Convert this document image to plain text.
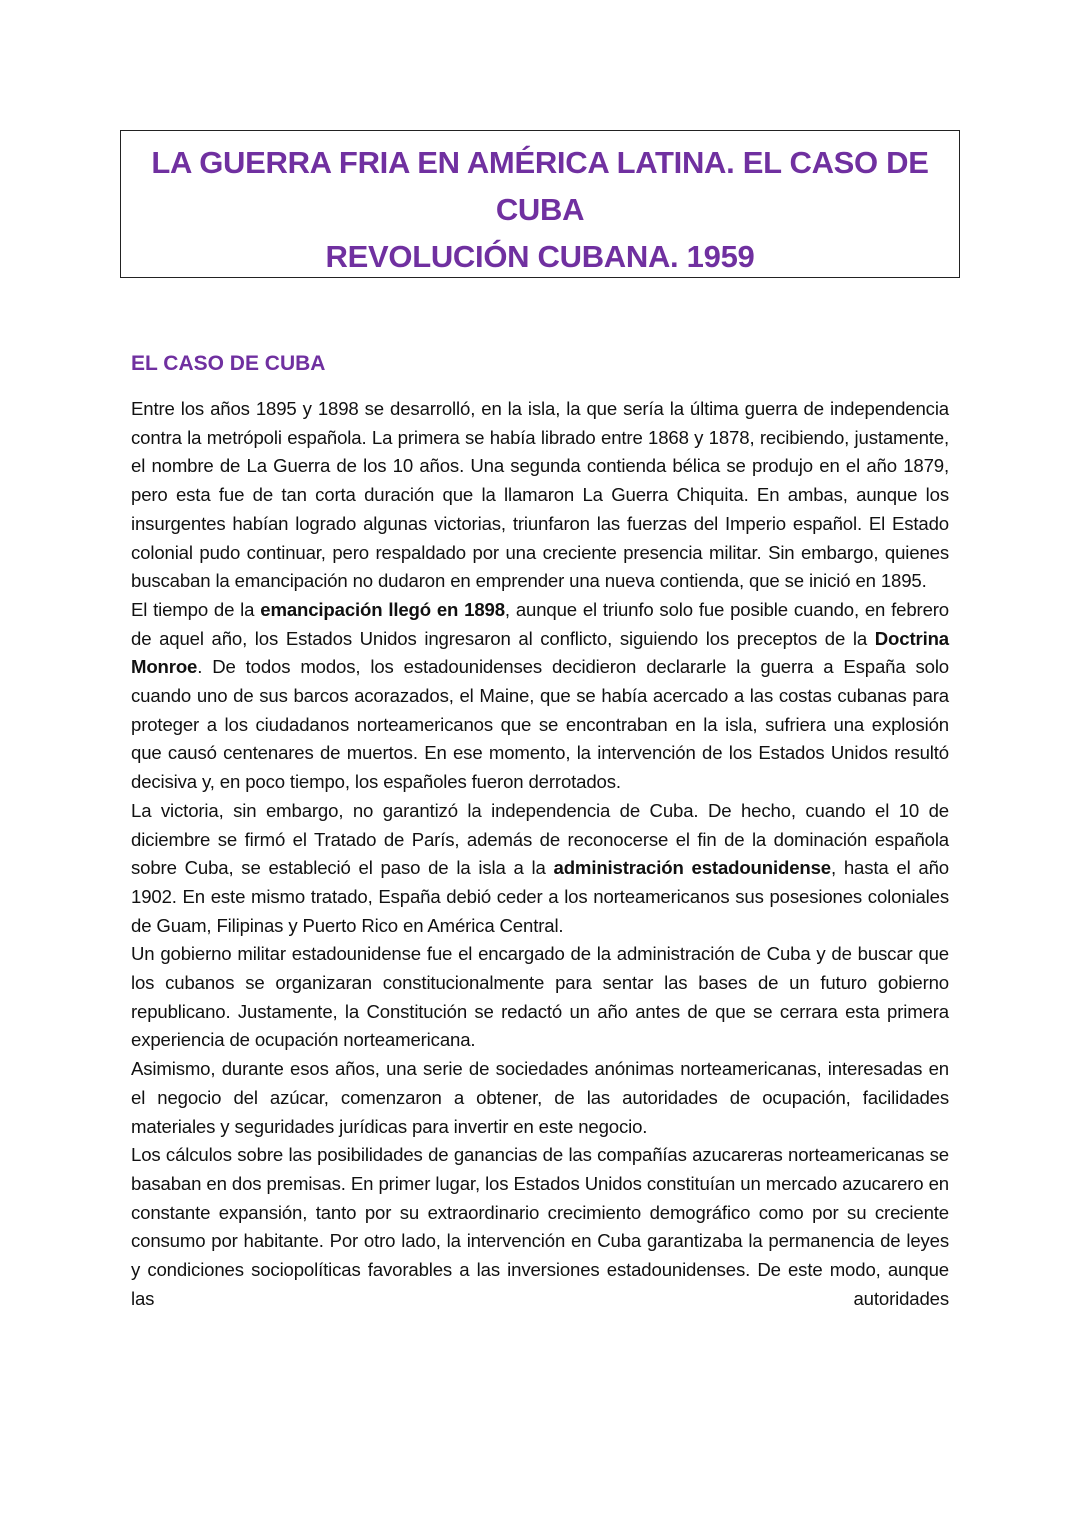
LA GUERRA FRIA EN AMÉRICA LATINA. EL CASO DE
CUBA
REVOLUCIÓN CUBANA. 1959
EL CASO DE CUBA

Entre los años 1895 y 1898 se desarrolló, en la isla, la que sería la última guerra de independencia contra la metrópoli española. La primera se había librado entre 1868 y 1878, recibiendo, justamente, el nombre de La Guerra de los 10 años. Una segunda contienda bélica se produjo en el año 1879, pero esta fue de tan corta duración que la llamaron La Guerra Chiquita. En ambas, aunque los insurgentes habían logrado algunas victorias, triunfaron las fuerzas del Imperio español. El Estado colonial pudo continuar, pero respaldado por una creciente presencia militar. Sin embargo, quienes buscaban la emancipación no dudaron en emprender una nueva contienda, que se inició en 1895.

El tiempo de la emancipación llegó en 1898, aunque el triunfo solo fue posible cuando, en febrero de aquel año, los Estados Unidos ingresaron al conflicto, siguiendo los preceptos de la Doctrina Monroe. De todos modos, los estadounidenses decidieron declararle la guerra a España solo cuando uno de sus barcos acorazados, el Maine, que se había acercado a las costas cubanas para proteger a los ciudadanos norteamericanos que se encontraban en la isla, sufriera una explosión que causó centenares de muertos. En ese momento, la intervención de los Estados Unidos resultó decisiva y, en poco tiempo, los españoles fueron derrotados.

La victoria, sin embargo, no garantizó la independencia de Cuba. De hecho, cuando el 10 de diciembre se firmó el Tratado de París, además de reconocerse el fin de la dominación española sobre Cuba, se estableció el paso de la isla a la administración estadounidense, hasta el año 1902. En este mismo tratado, España debió ceder a los norteamericanos sus posesiones coloniales de Guam, Filipinas y Puerto Rico en América Central.

Un gobierno militar estadounidense fue el encargado de la administración de Cuba y de buscar que los cubanos se organizaran constitucionalmente para sentar las bases de un futuro gobierno republicano. Justamente, la Constitución se redactó un año antes de que se cerrara esta primera experiencia de ocupación norteamericana.

Asimismo, durante esos años, una serie de sociedades anónimas norteamericanas, interesadas en el negocio del azúcar, comenzaron a obtener, de las autoridades de ocupación, facilidades materiales y seguridades jurídicas para invertir en este negocio.

Los cálculos sobre las posibilidades de ganancias de las compañías azucareras norteamericanas se basaban en dos premisas. En primer lugar, los Estados Unidos constituían un mercado azucarero en constante expansión, tanto por su extraordinario crecimiento demográfico como por su creciente consumo por habitante. Por otro lado, la intervención en Cuba garantizaba la permanencia de leyes y condiciones sociopolíticas favorables a las inversiones estadounidenses. De este modo, aunque las autoridades
